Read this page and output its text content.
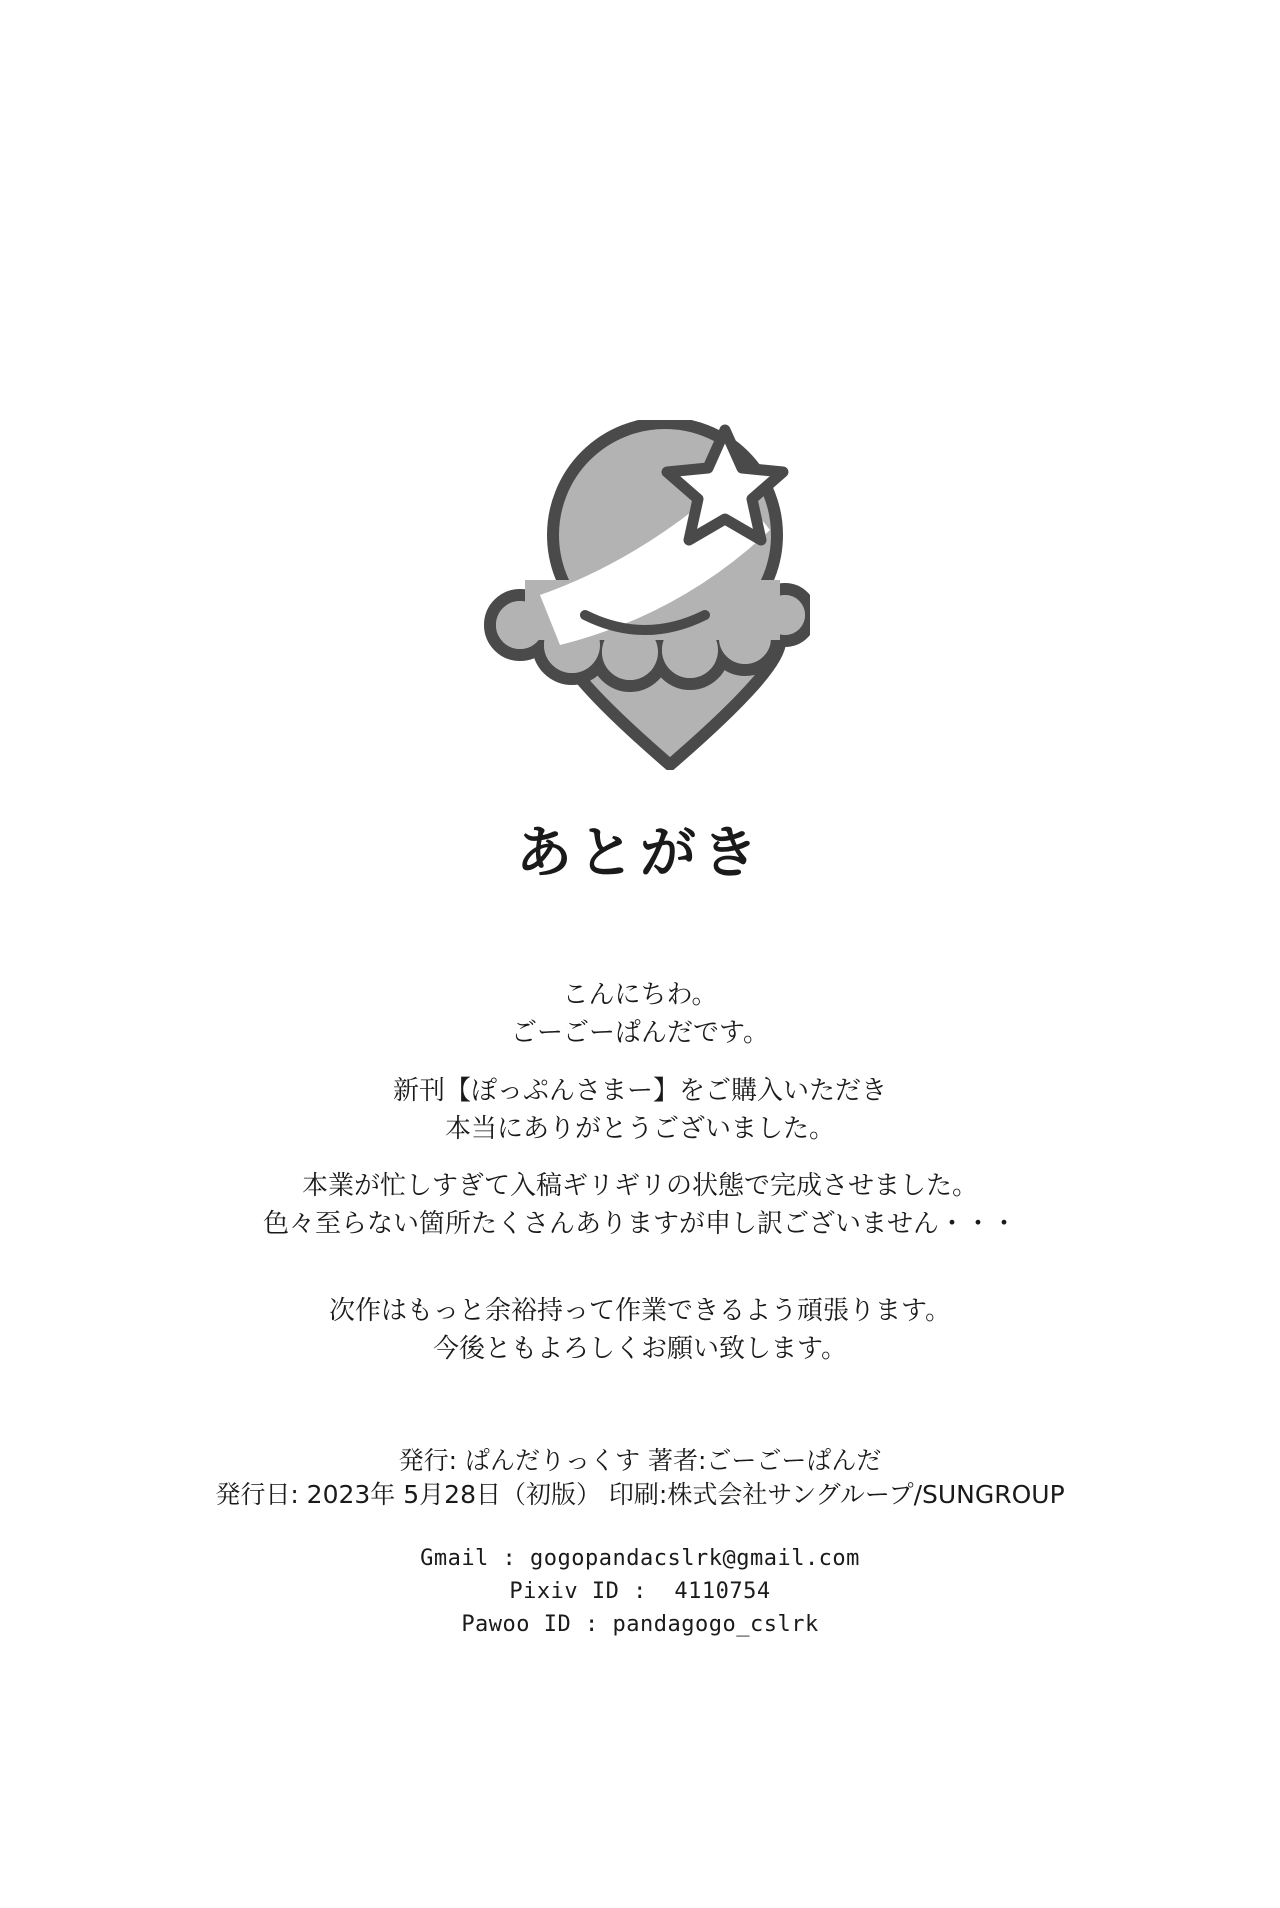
あとがき

こんにちわ。

ごーごーぱんだです。

新刊【ぽっぷんさまー】をご購入いただき

本当にありがとうございました。

本業が忙しすぎて入稿ギリギリの状態で完成させました。

色々至らない箇所たくさんありますが申し訳ございません・・・

次作はもっと余裕持って作業できるよう頑張ります。

今後ともよろしくお願い致します。

発行: ぱんだりっくす 著者:ごーごーぱんだ

発行日: 2023年 5月28日（初版） 印刷:株式会社サングループ/SUNGROUP

Gmail : gogopandacslrk@gmail.com

Pixiv ID :  4110754

Pawoo ID : pandagogo_cslrk
